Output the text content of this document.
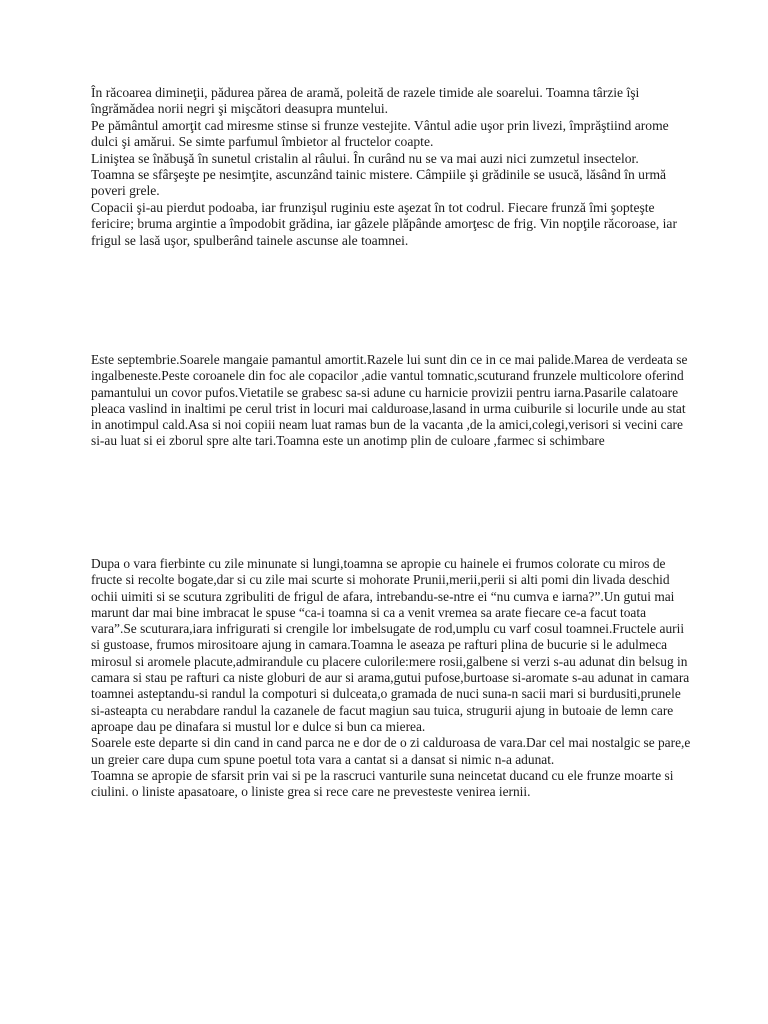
În răcoarea dimineţii, pădurea părea de aramă, poleită de razele timide ale soarelui. Toamna târzie îşi îngrămădea norii negri şi mişcători deasupra muntelui.

Pe pământul amorţit cad miresme stinse si frunze vestejite. Vântul adie uşor prin livezi, împrăştiind arome dulci şi amărui. Se simte parfumul îmbietor al fructelor coapte.

Liniştea se înăbuşă în sunetul cristalin al râului. În curând nu se va mai auzi nici zumzetul insectelor.

Toamna se sfârşeşte pe nesimţite, ascunzând tainic mistere. Câmpiile şi grădinile se usucă, lăsând în urmă poveri grele.

Copacii şi-au pierdut podoaba, iar frunzişul ruginiu este aşezat în tot codrul. Fiecare frunză îmi şopteşte fericire; bruma argintie a împodobit grădina, iar gâzele plăpânde amorţesc de frig. Vin nopţile răcoroase, iar frigul se lasă uşor, spulberând tainele ascunse ale toamnei.

Este septembrie.Soarele mangaie pamantul amortit.Razele lui sunt din ce in ce mai palide.Marea de verdeata se ingalbeneste.Peste coroanele din foc ale copacilor ,adie vantul tomnatic,scuturand frunzele multicolore oferind pamantului un covor pufos.Vietatile se grabesc sa-si adune cu harnicie provizii pentru iarna.Pasarile calatoare pleaca vaslind in inaltimi pe cerul trist in locuri mai calduroase,lasand in urma cuiburile si locurile unde au stat in anotimpul cald.Asa si noi copiii neam luat ramas bun de la vacanta ,de la amici,colegi,verisori si vecini care si-au luat si ei zborul spre alte tari.Toamna este un anotimp plin de culoare ,farmec si schimbare

Dupa o vara fierbinte cu zile minunate si lungi,toamna se apropie cu hainele ei frumos colorate cu miros de fructe si recolte bogate,dar si cu zile mai scurte si mohorate Prunii,merii,perii si alti pomi din livada deschid ochii uimiti si se scutura zgribuliti de frigul de afara, intrebandu-se-ntre ei “nu cumva e iarna?”.Un gutui mai marunt dar mai bine imbracat le spuse “ca-i toamna si ca a venit vremea sa arate fiecare ce-a facut toata vara”.Se scuturara,iara infrigurati si crengile lor imbelsugate de rod,umplu cu varf cosul toamnei.Fructele aurii si gustoase, frumos mirositoare ajung in camara.Toamna le aseaza pe rafturi plina de bucurie si le adulmeca mirosul si aromele placute,admirandule cu placere culorile:mere rosii,galbene si verzi s-au adunat din belsug in camara si stau pe rafturi ca niste globuri de aur si arama,gutui pufose,burtoase si-aromate s-au adunat in camara toamnei asteptandu-si randul la compoturi si dulceata,o gramada de nuci suna-n sacii mari si burdusiti,prunele si-asteapta cu nerabdare randul la cazanele de facut magiun sau tuica, strugurii ajung in butoaie de lemn care aproape dau pe dinafara si mustul lor e dulce si bun ca mierea.

Soarele este departe si din cand in cand parca ne e dor de o zi calduroasa de vara.Dar cel mai nostalgic se pare,e un greier care dupa cum spune poetul tota vara a cantat si a dansat si nimic n-a adunat.

Toamna se apropie de sfarsit prin vai si pe la rascruci vanturile suna neincetat ducand cu ele frunze moarte si ciulini. o liniste apasatoare, o liniste grea si rece care ne prevesteste venirea iernii.
